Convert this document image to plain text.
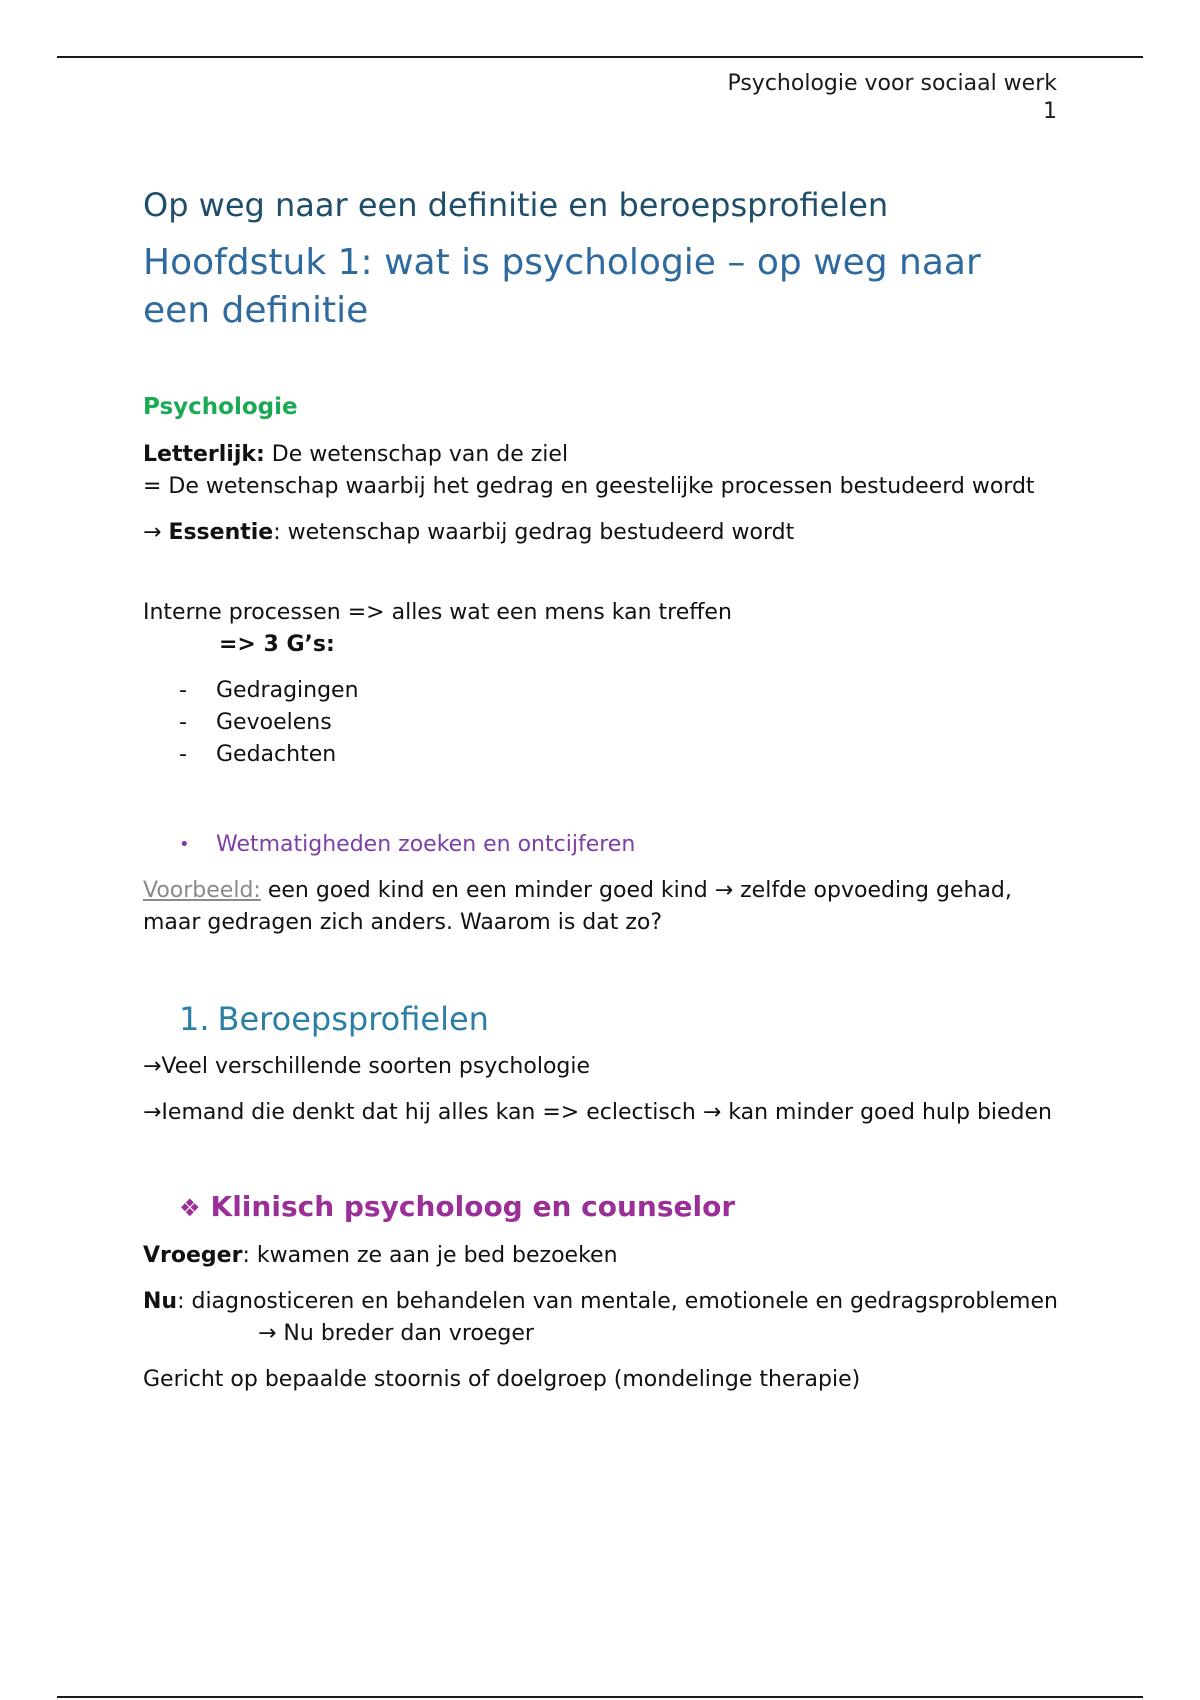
Psychologie voor sociaal werk
1
Op weg naar een definitie en beroepsprofielen
Hoofdstuk 1: wat is psychologie – op weg naar een definitie
Psychologie

Letterlijk: De wetenschap van de ziel

= De wetenschap waarbij het gedrag en geestelijke processen bestudeerd wordt

→ Essentie: wetenschap waarbij gedrag bestudeerd wordt

Interne processen => alles wat een mens kan treffen

=> 3 G’s:

- Gedragingen
- Gevoelens
- Gedachten

• Wetmatigheden zoeken en ontcijferen

Voorbeeld: een goed kind en een minder goed kind → zelfde opvoeding gehad, maar gedragen zich anders. Waarom is dat zo?

1. Beroepsprofielen

→Veel verschillende soorten psychologie

→Iemand die denkt dat hij alles kan => eclectisch → kan minder goed hulp bieden

❖ Klinisch psycholoog en counselor

Vroeger: kwamen ze aan je bed bezoeken

Nu: diagnosticeren en behandelen van mentale, emotionele en gedragsproblemen

→ Nu breder dan vroeger

Gericht op bepaalde stoornis of doelgroep (mondelinge therapie)
